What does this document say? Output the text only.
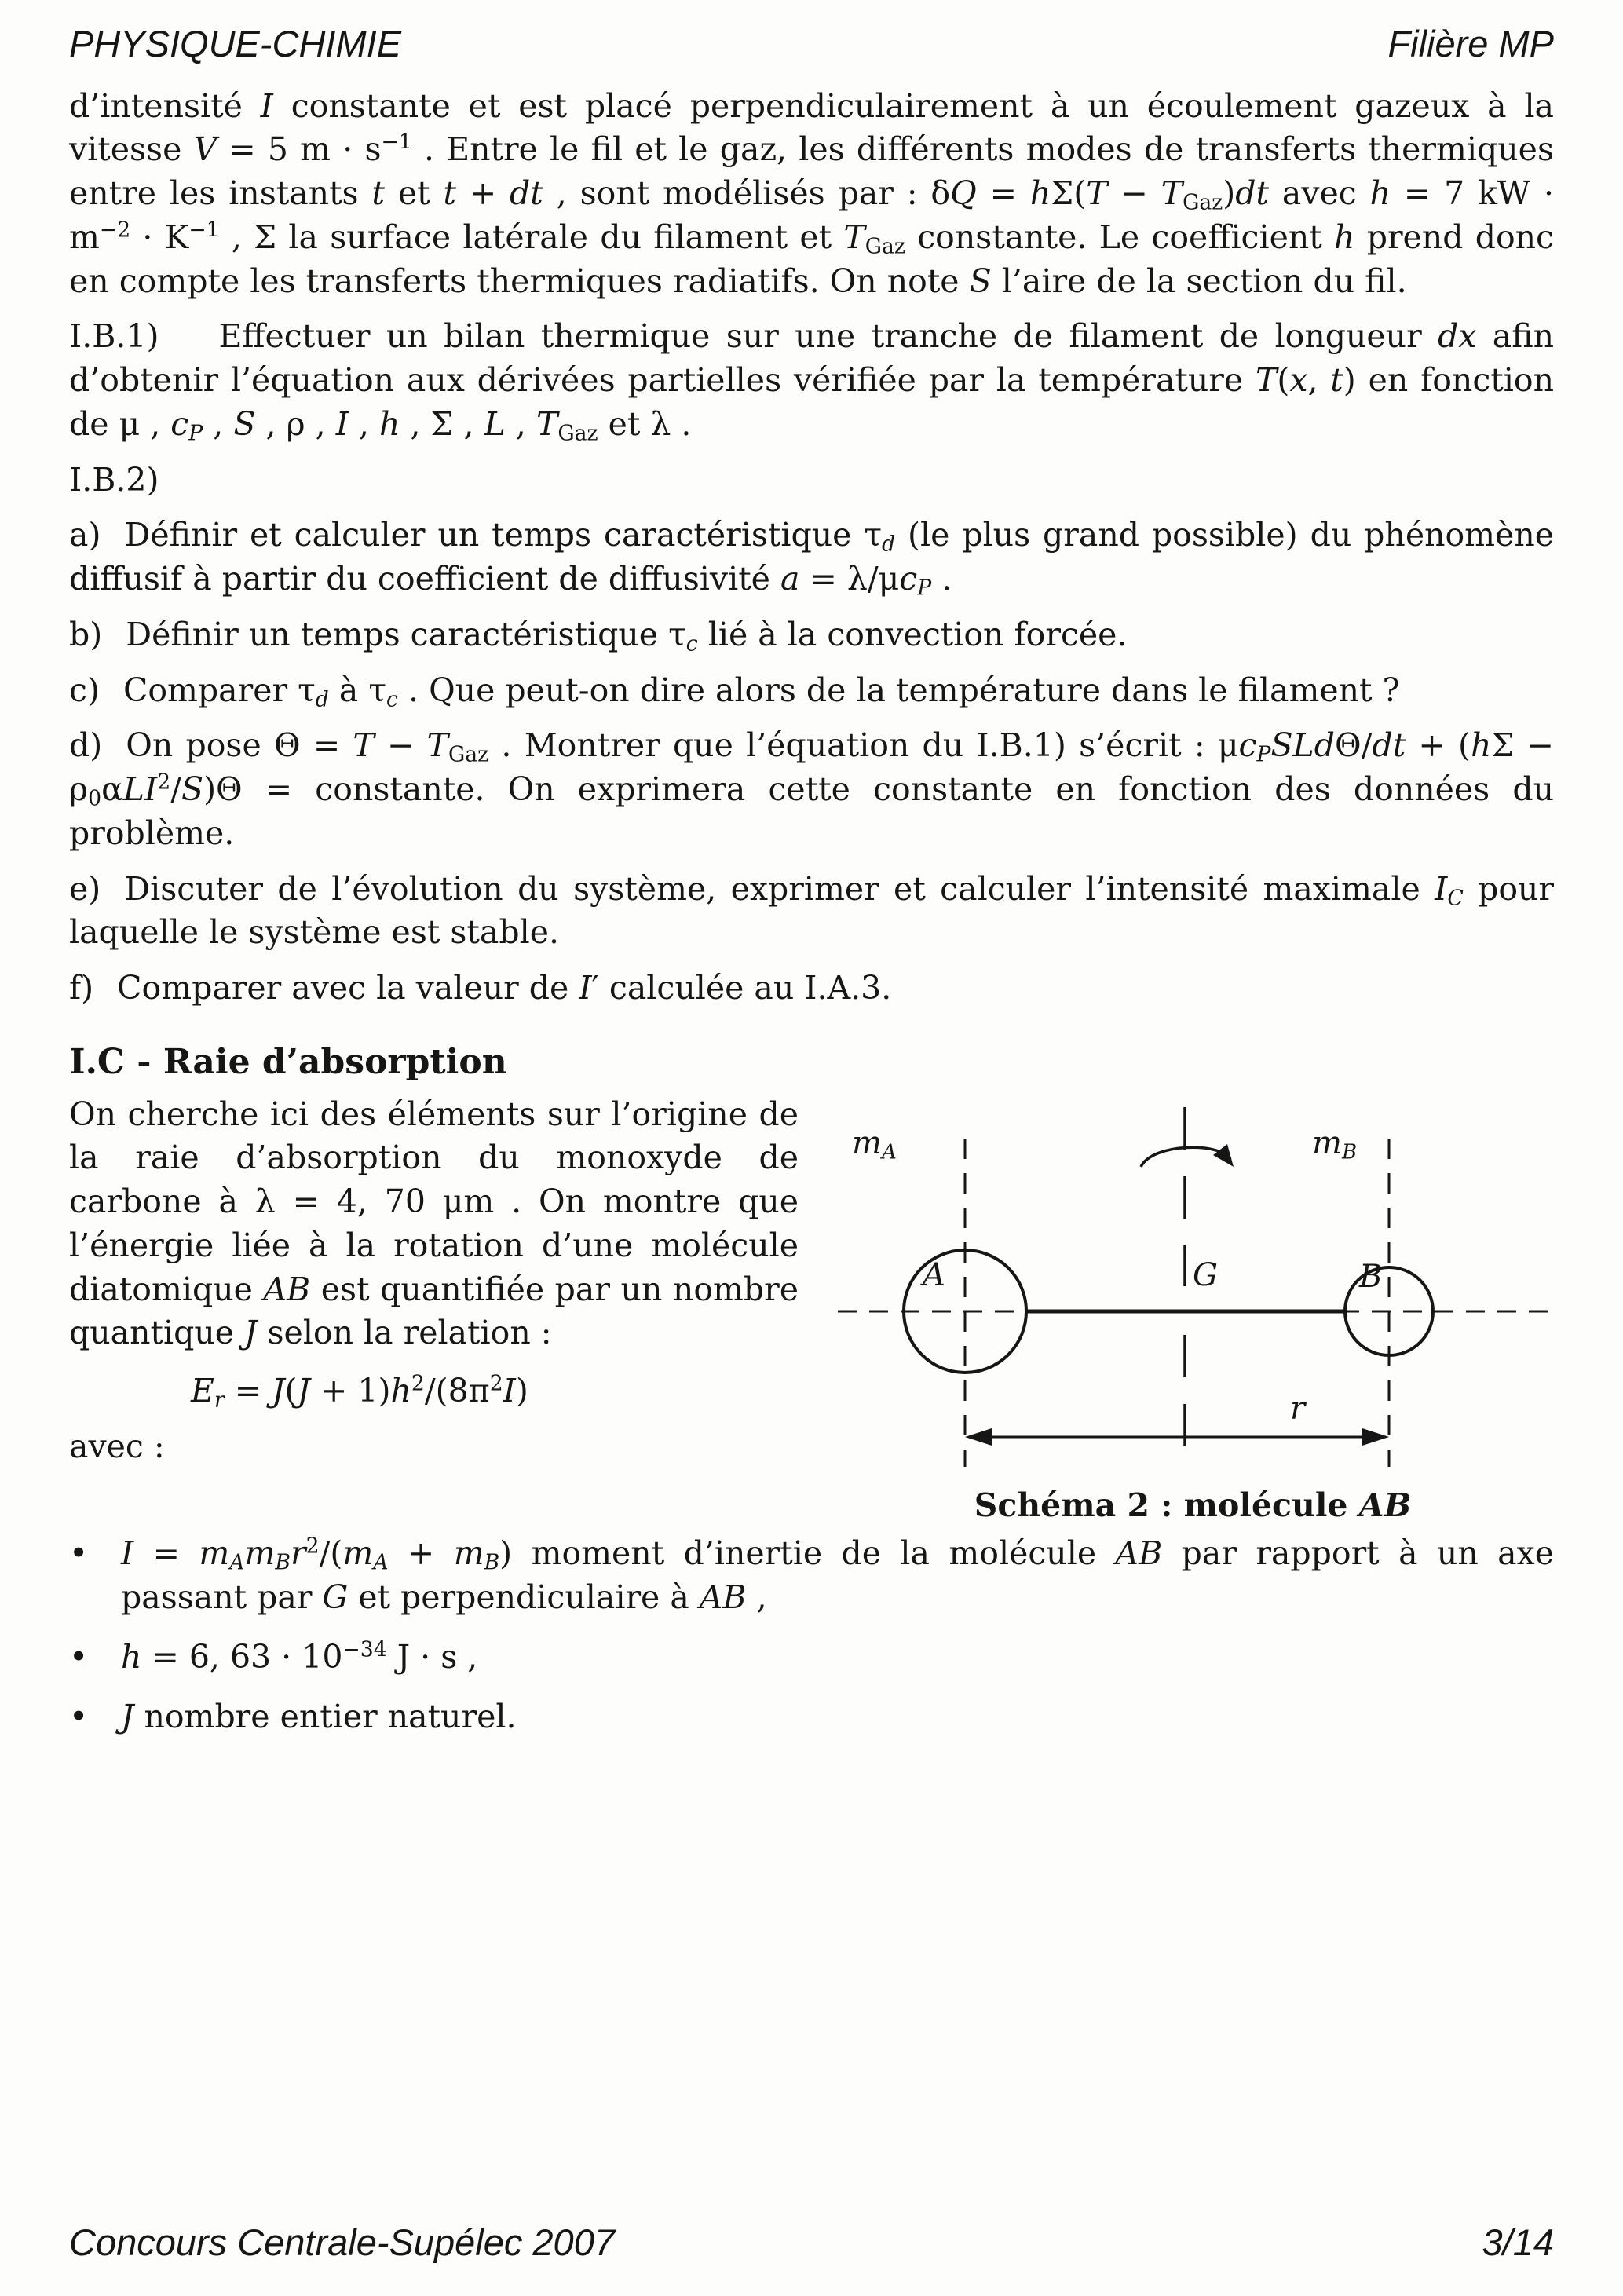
PHYSIQUE-CHIMIE	Filière MP

d’intensité I constante et est placé perpendiculairement à un écoulement gazeux à la vitesse V = 5 $m \cdot s^{-1}$ . Entre le fil et le gaz, les différents modes de transferts thermiques entre les instants t et t + dt , sont modélisés par : $\delta Q = h\Sigma(T - T_{Gaz})dt$ avec h = 7 kW · $m^{-2} \cdot K^{-1}$ , Σ la surface latérale du filament et $T_{Gaz}$ constante. Le coefficient h prend donc en compte les transferts thermiques radiatifs. On note S l’aire de la section du fil.

I.B.1) Effectuer un bilan thermique sur une tranche de filament de longueur dx afin d’obtenir l’équation aux dérivées partielles vérifiée par la température T(x, t) en fonction de μ , $c_P$ , S , ρ , I , h , Σ , L , $T_{Gaz}$ et λ .

I.B.2)

a) Définir et calculer un temps caractéristique $\tau_d$ (le plus grand possible) du phénomène diffusif à partir du coefficient de diffusivité $a = \lambda/\mu c_P$ .

b) Définir un temps caractéristique $\tau_c$ lié à la convection forcée.

c) Comparer $\tau_d$ à $\tau_c$ . Que peut-on dire alors de la température dans le filament ?

d) On pose $\Theta = T - T_{Gaz}$ . Montrer que l’équation du I.B.1) s’écrit : $\mu c_PSLd\Theta/dt + (h\Sigma - \rho_0\alpha LI^2/S)\Theta$ = constante. On exprimera cette constante en fonction des données du problème.

e) Discuter de l’évolution du système, exprimer et calculer l’intensité maximale $I_C$ pour laquelle le système est stable.

f) Comparer avec la valeur de I′ calculée au I.A.3.

I.C - Raie d’absorption
$m_A$	$m_B$
A	G	B
r
Schéma 2 : molécule AB

On cherche ici des éléments sur l’origine de la raie d’absorption du monoxyde de carbone à λ = 4, 70 μm . On montre que l’énergie liée à la rotation d’une molécule diatomique AB est quantifiée par un nombre quantique J selon la relation :

$E_r = J(J + 1)h^2/(8\pi^2I)$

avec :

•	$I = m_Am_Br^2/(m_A + m_B)$ moment d’inertie de la molécule AB par rapport à un axe passant par G et perpendiculaire à AB ,
•	h = 6, $63 \cdot 10^{-34}$ J · s ,
•	J nombre entier naturel.
Concours Centrale-Supélec 2007	3/14
